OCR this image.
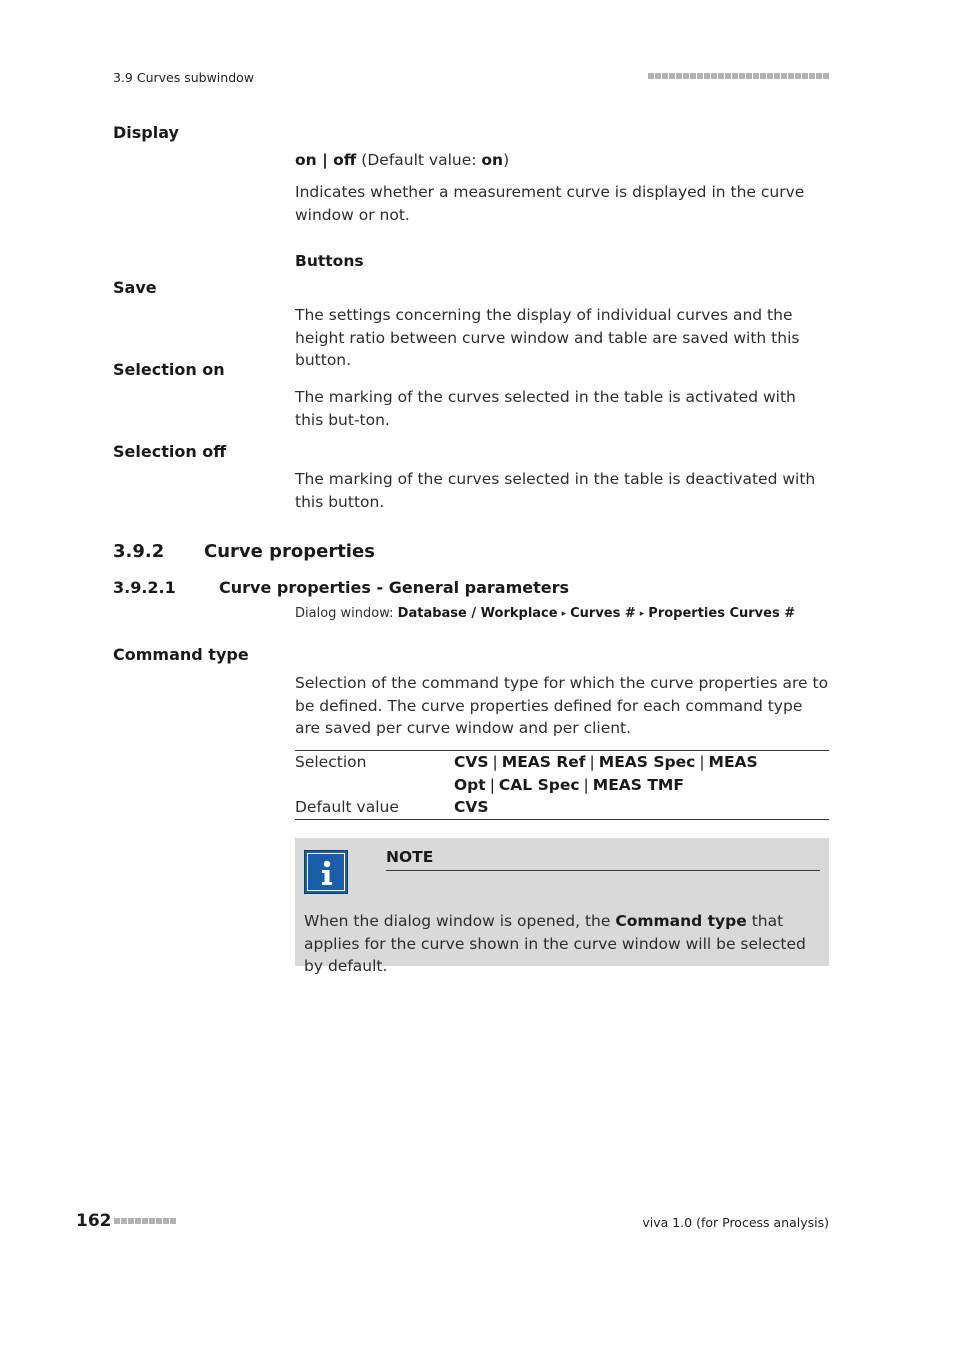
3.9 Curves subwindow
Display
on | off (Default value: on)
Indicates whether a measurement curve is displayed in the curve window or not.
Buttons
Save
The settings concerning the display of individual curves and the height ratio between curve window and table are saved with this button.
Selection on
The marking of the curves selected in the table is activated with this but-ton.
Selection off
The marking of the curves selected in the table is deactivated with this button.
3.9.2 Curve properties
3.9.2.1	Curve properties - General parameters
Dialog window: Database / Workplace ▸ Curves # ▸ Properties Curves #
Command type
Selection of the command type for which the curve properties are to be defined. The curve properties defined for each command type are saved per curve window and per client.
Selection	CVS | MEAS Ref | MEAS Spec | MEAS Opt | CAL Spec | MEAS TMF
Default value	CVS
NOTE
When the dialog window is opened, the Command type that applies for the curve shown in the curve window will be selected by default.
162	viva 1.0 (for Process analysis)
